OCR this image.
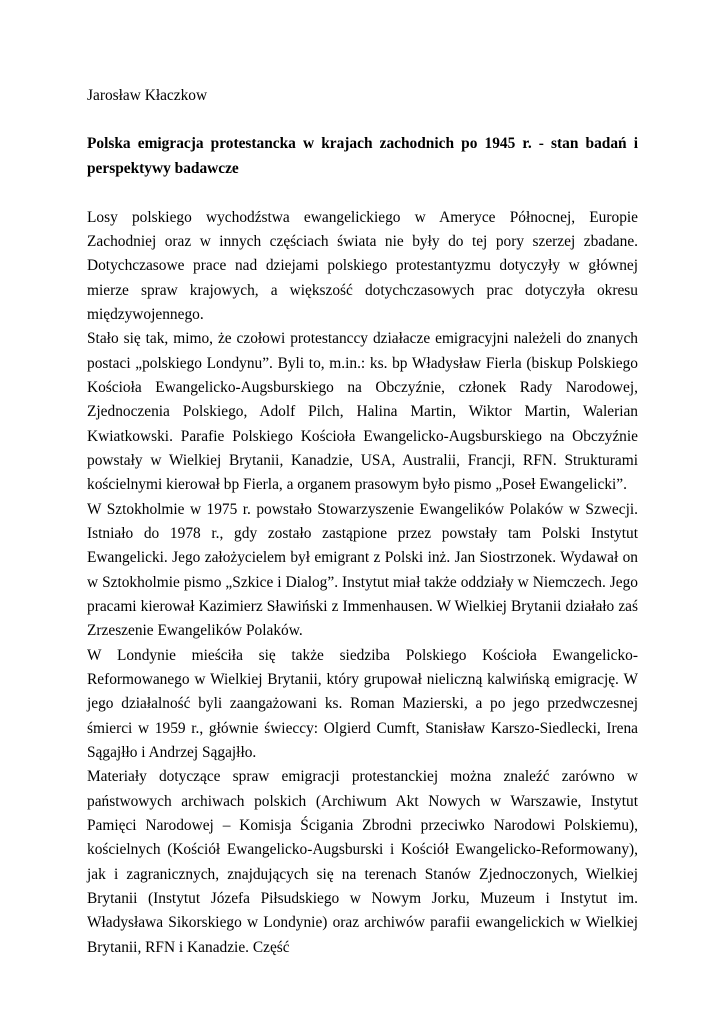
Jarosław Kłaczkow

Polska emigracja protestancka w krajach zachodnich po 1945 r. - stan badań i perspektywy badawcze

Losy polskiego wychodźstwa ewangelickiego w Ameryce Północnej, Europie Zachodniej oraz w innych częściach świata nie były do tej pory szerzej zbadane. Dotychczasowe prace nad dziejami polskiego protestantyzmu dotyczyły w głównej mierze spraw krajowych, a większość dotychczasowych prac dotyczyła okresu międzywojennego.

Stało się tak, mimo, że czołowi protestanccy działacze emigracyjni należeli do znanych postaci „polskiego Londynu”. Byli to, m.in.: ks. bp Władysław Fierla (biskup Polskiego Kościoła Ewangelicko-Augsburskiego na Obczyźnie, członek Rady Narodowej, Zjednoczenia Polskiego, Adolf Pilch, Halina Martin, Wiktor Martin, Walerian Kwiatkowski. Parafie Polskiego Kościoła Ewangelicko-Augsburskiego na Obczyźnie powstały w Wielkiej Brytanii, Kanadzie, USA, Australii, Francji, RFN. Strukturami kościelnymi kierował bp Fierla, a organem prasowym było pismo „Poseł Ewangelicki”.

W Sztokholmie w 1975 r. powstało Stowarzyszenie Ewangelików Polaków w Szwecji. Istniało do 1978 r., gdy zostało zastąpione przez powstały tam Polski Instytut Ewangelicki. Jego założycielem był emigrant z Polski inż. Jan Siostrzonek. Wydawał on w Sztokholmie pismo „Szkice i Dialog”. Instytut miał także oddziały w Niemczech. Jego pracami kierował Kazimierz Sławiński z Immenhausen. W Wielkiej Brytanii działało zaś Zrzeszenie Ewangelików Polaków.

W Londynie mieściła się także siedziba Polskiego Kościoła Ewangelicko-Reformowanego w Wielkiej Brytanii, który grupował nieliczną kalwińską emigrację. W jego działalność byli zaangażowani ks. Roman Mazierski, a po jego przedwczesnej śmierci w 1959 r., głównie świeccy: Olgierd Cumft, Stanisław Karszo-Siedlecki, Irena Sągajłło i Andrzej Sągajłło.

Materiały dotyczące spraw emigracji protestanckiej można znaleźć zarówno w państwowych archiwach polskich (Archiwum Akt Nowych w Warszawie, Instytut Pamięci Narodowej – Komisja Ścigania Zbrodni przeciwko Narodowi Polskiemu), kościelnych (Kościół Ewangelicko-Augsburski i Kościół Ewangelicko-Reformowany), jak i zagranicznych, znajdujących się na terenach Stanów Zjednoczonych, Wielkiej Brytanii (Instytut Józefa Piłsudskiego w Nowym Jorku, Muzeum i Instytut im. Władysława Sikorskiego w Londynie) oraz archiwów parafii ewangelickich w Wielkiej Brytanii, RFN i Kanadzie. Część
